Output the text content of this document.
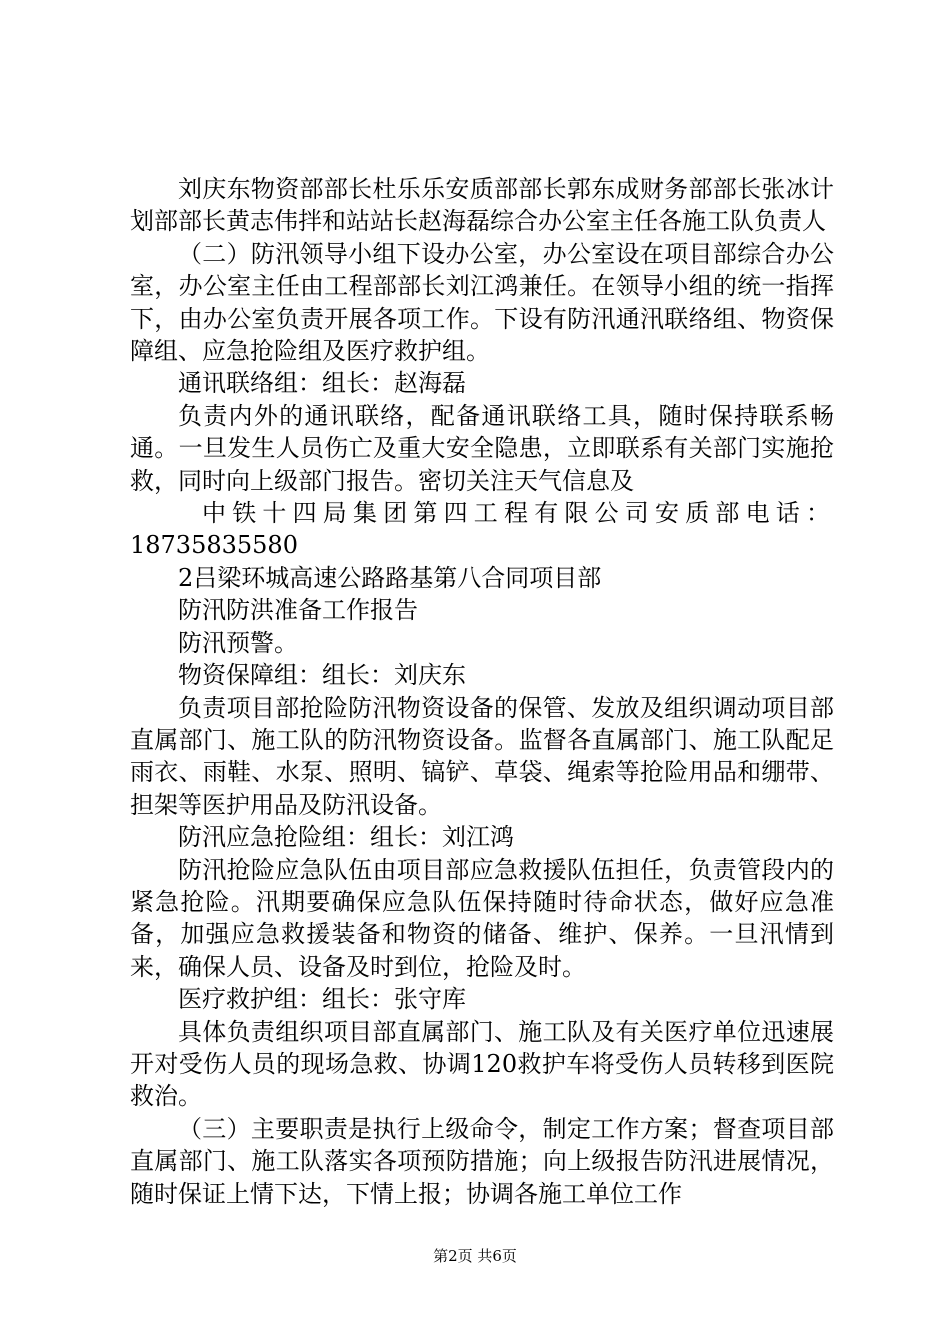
刘庆东物资部部长杜乐乐安质部部长郭东成财务部部长张冰计划部部长黄志伟拌和站站长赵海磊综合办公室主任各施工队负责人

（二）防汛领导小组下设办公室，办公室设在项目部综合办公室，办公室主任由工程部部长刘江鸿兼任。在领导小组的统一指挥下，由办公室负责开展各项工作。下设有防汛通汛联络组、物资保障组、应急抢险组及医疗救护组。

通讯联络组：组长：赵海磊

负责内外的通讯联络，配备通讯联络工具，随时保持联系畅通。一旦发生人员伤亡及重大安全隐患，立即联系有关部门实施抢救，同时向上级部门报告。密切关注天气信息及

中铁十四局集团第四工程有限公司安质部电话：

18735835580

2吕梁环城高速公路路基第八合同项目部

防汛防洪准备工作报告

防汛预警。

物资保障组：组长：刘庆东

负责项目部抢险防汛物资设备的保管、发放及组织调动项目部直属部门、施工队的防汛物资设备。监督各直属部门、施工队配足雨衣、雨鞋、水泵、照明、镐铲、草袋、绳索等抢险用品和绷带、担架等医护用品及防汛设备。

防汛应急抢险组：组长：刘江鸿

防汛抢险应急队伍由项目部应急救援队伍担任，负责管段内的紧急抢险。汛期要确保应急队伍保持随时待命状态，做好应急准备，加强应急救援装备和物资的储备、维护、保养。一旦汛情到来，确保人员、设备及时到位，抢险及时。

医疗救护组：组长：张守库

具体负责组织项目部直属部门、施工队及有关医疗单位迅速展开对受伤人员的现场急救、协调120救护车将受伤人员转移到医院救治。

（三）主要职责是执行上级命令，制定工作方案；督查项目部直属部门、施工队落实各项预防措施；向上级报告防汛进展情况，随时保证上情下达，下情上报；协调各施工单位工作

第2页 共6页
